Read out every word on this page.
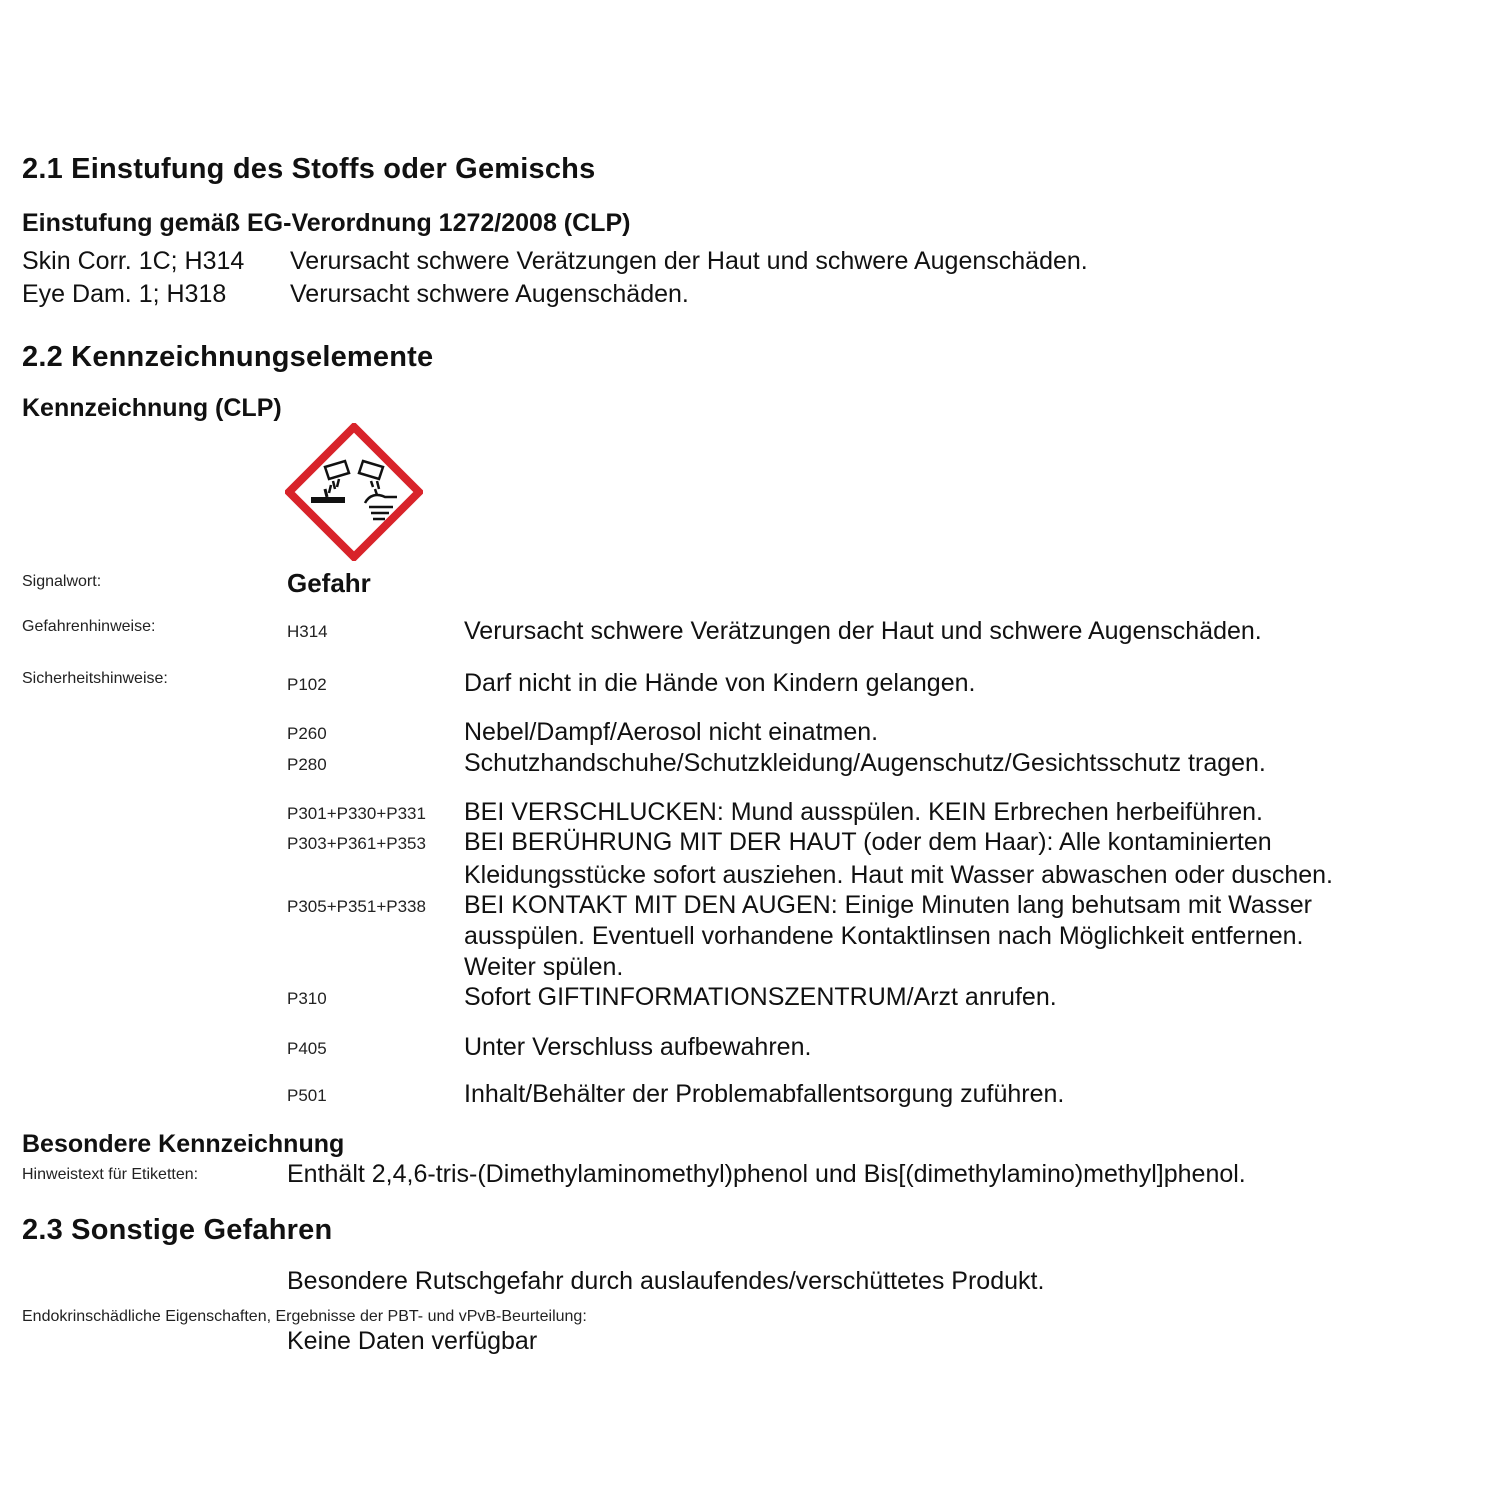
2.1 Einstufung des Stoffs oder Gemischs
Einstufung gemäß EG-Verordnung 1272/2008 (CLP)
Skin Corr. 1C; H314 Verursacht schwere Verätzungen der Haut und schwere Augenschäden.
Eye Dam. 1; H318	Verursacht schwere Augenschäden.
2.2 Kennzeichnungselemente
Kennzeichnung (CLP)
Signalwort:	Gefahr
Gefahrenhinweise:	H314	Verursacht schwere Verätzungen der Haut und schwere Augenschäden.
Sicherheitshinweise:	P102	Darf nicht in die Hände von Kindern gelangen.
P260	Nebel/Dampf/Aerosol nicht einatmen.
P280	Schutzhandschuhe/Schutzkleidung/Augenschutz/Gesichtsschutz tragen.
P301+P330+P331 BEI VERSCHLUCKEN: Mund ausspülen. KEIN Erbrechen herbeiführen.
P303+P361+P353 BEI BERÜHRUNG MIT DER HAUT (oder dem Haar): Alle kontaminierten
Kleidungsstücke sofort ausziehen. Haut mit Wasser abwaschen oder duschen.
P305+P351+P338 BEI KONTAKT MIT DEN AUGEN: Einige Minuten lang behutsam mit Wasser
ausspülen. Eventuell vorhandene Kontaktlinsen nach Möglichkeit entfernen.
Weiter spülen.
P310	Sofort GIFTINFORMATIONSZENTRUM/Arzt anrufen.
P405	Unter Verschluss aufbewahren.
P501	Inhalt/Behälter der Problemabfallentsorgung zuführen.
Besondere Kennzeichnung
Hinweistext für Etiketten:	Enthält 2,4,6-tris-(Dimethylaminomethyl)phenol und Bis[(dimethylamino)methyl]phenol.
2.3 Sonstige Gefahren
Besondere Rutschgefahr durch auslaufendes/verschüttetes Produkt.
Endokrinschädliche Eigenschaften, Ergebnisse der PBT- und vPvB-Beurteilung:
Keine Daten verfügbar
